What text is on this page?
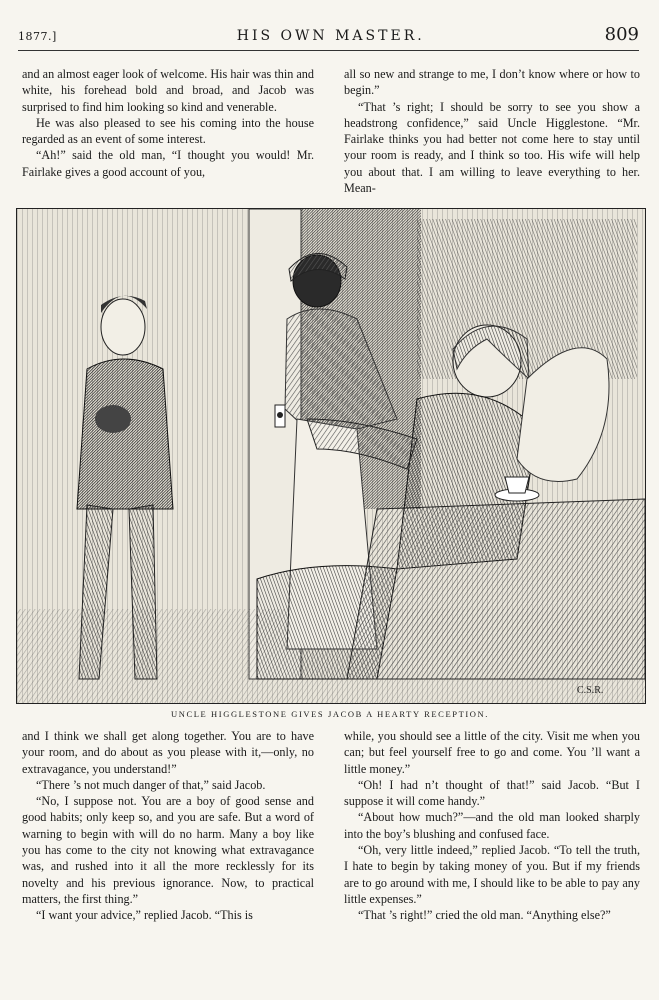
1877.]	HIS OWN MASTER.	809

and an almost eager look of welcome. His hair was thin and white, his forehead bold and broad, and Jacob was surprised to find him looking so kind and venerable.

He was also pleased to see his coming into the house regarded as an event of some interest.

“Ah!” said the old man, “I thought you would! Mr. Fairlake gives a good account of you,

all so new and strange to me, I don’t know where or how to begin.”

“That ’s right; I should be sorry to see you show a headstrong confidence,” said Uncle Higglestone. “Mr. Fairlake thinks you had better not come here to stay until your room is ready, and I think so too. His wife will help you about that. I am willing to leave everything to her. Mean-

C.S.R.
UNCLE HIGGLESTONE GIVES JACOB A HEARTY RECEPTION.

and I think we shall get along together. You are to have your room, and do about as you please with it,—only, no extravagance, you understand!”

“There ’s not much danger of that,” said Jacob.

“No, I suppose not. You are a boy of good sense and good habits; only keep so, and you are safe. But a word of warning to begin with will do no harm. Many a boy like you has come to the city not knowing what extravagance was, and rushed into it all the more recklessly for its novelty and his previous ignorance. Now, to practical matters, the first thing.”

“I want your advice,” replied Jacob. “This is

while, you should see a little of the city. Visit me when you can; but feel yourself free to go and come. You ’ll want a little money.”

“Oh! I had n’t thought of that!” said Jacob. “But I suppose it will come handy.”

“About how much?”—and the old man looked sharply into the boy’s blushing and confused face.

“Oh, very little indeed,” replied Jacob. “To tell the truth, I hate to begin by taking money of you. But if my friends are to go around with me, I should like to be able to pay any little expenses.”

“That ’s right!” cried the old man. “Anything else?”
